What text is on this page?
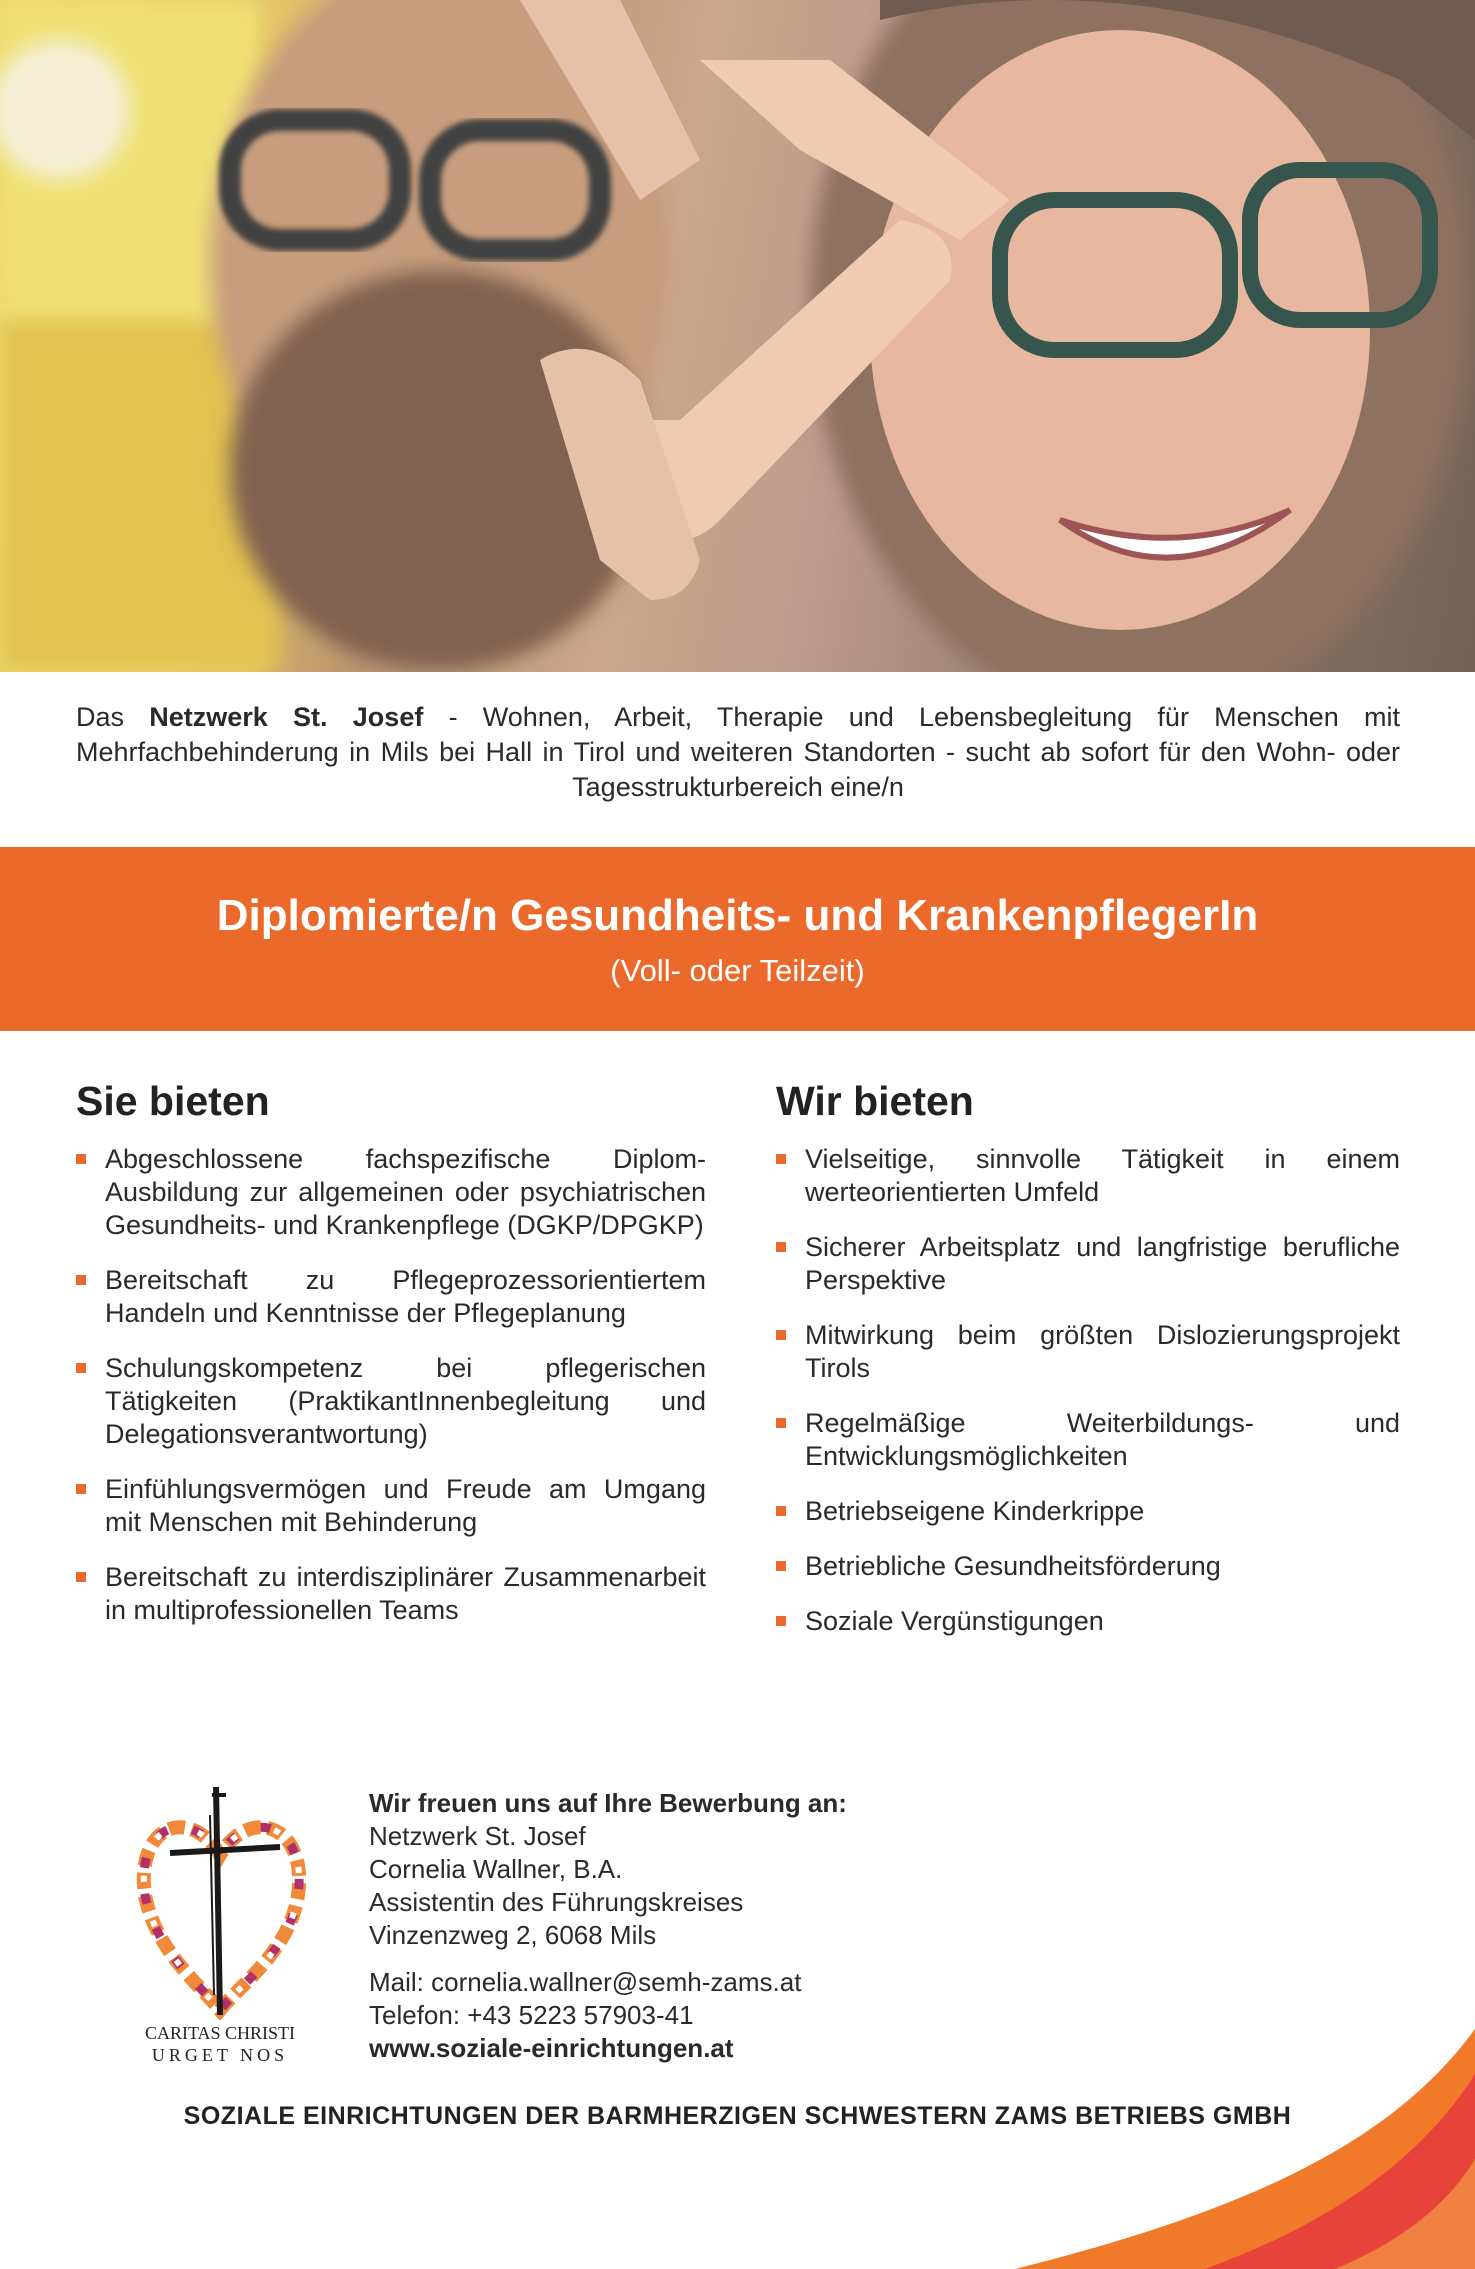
Das Netzwerk St. Josef - Wohnen, Arbeit, Therapie und Lebensbegleitung für Menschen mit Mehrfachbehinderung in Mils bei Hall in Tirol und weiteren Standorten - sucht ab sofort für den Wohn- oder Tagesstrukturbereich eine/n
Diplomierte/n Gesundheits- und KrankenpflegerIn
(Voll- oder Teilzeit)
Sie bieten
Abgeschlossene fachspezifische Diplom-Ausbildung zur allgemeinen oder psychiatrischen Gesundheits- und Krankenpflege (DGKP/DPGKP)
Bereitschaft zu Pflegeprozessorientiertem Handeln und Kenntnisse der Pflegeplanung
Schulungskompetenz bei pflegerischen Tätigkeiten (PraktikantInnenbegleitung und Delegationsverantwortung)
Einfühlungsvermögen und Freude am Umgang mit Menschen mit Behinderung
Bereitschaft zu interdisziplinärer Zusammenarbeit in multiprofessionellen Teams
Wir bieten
Vielseitige, sinnvolle Tätigkeit in einem werteorientierten Umfeld
Sicherer Arbeitsplatz und langfristige berufliche Perspektive
Mitwirkung beim größten Dislozierungsprojekt Tirols
Regelmäßige Weiterbildungs- und Entwicklungsmöglichkeiten
Betriebseigene Kinderkrippe
Betriebliche Gesundheitsförderung
Soziale Vergünstigungen
CARITAS CHRISTI
URGET NOS
Wir freuen uns auf Ihre Bewerbung an:
Netzwerk St. Josef
Cornelia Wallner, B.A.
Assistentin des Führungskreises
Vinzenzweg 2, 6068 Mils
Mail: cornelia.wallner@semh-zams.at
Telefon: +43 5223 57903-41
www.soziale-einrichtungen.at
SOZIALE EINRICHTUNGEN DER BARMHERZIGEN SCHWESTERN ZAMS BETRIEBS GMBH
